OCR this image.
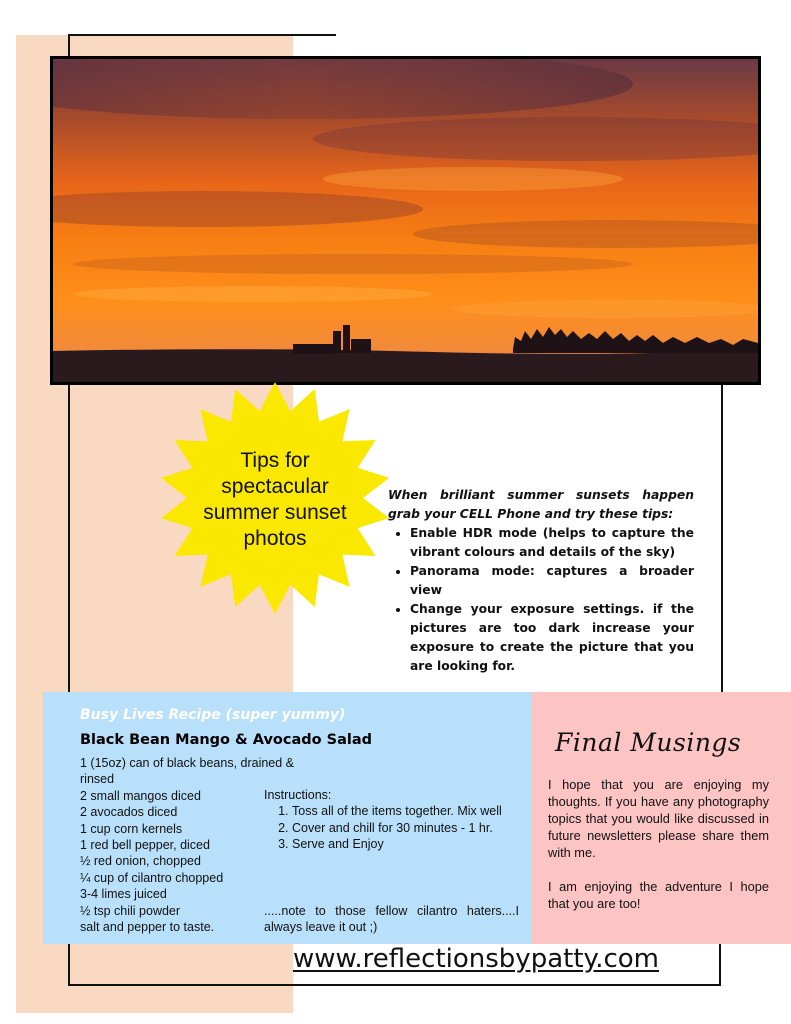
Tips for
spectacular
summer sunset
photos

When brilliant summer sunsets happen grab your CELL Phone and try these tips:

• Enable HDR mode (helps to capture the vibrant colours and details of the sky)
• Panorama mode: captures a broader view
• Change your exposure settings. if the pictures are too dark increase your exposure to create the picture that you are looking for.
Busy Lives Recipe (super yummy)
Black Bean Mango & Avocado Salad
1 (15oz) can of black beans, drained & rinsed
2 small mangos diced
2 avocados diced
1 cup corn kernels
1 red bell pepper, diced
½ red onion, chopped
¼ cup of cilantro chopped
3-4 limes juiced
½ tsp chili powder
salt and pepper to taste.
Instructions:
1. Toss all of the items together. Mix well
2. Cover and chill for 30 minutes - 1 hr.
3. Serve and Enjoy
.....note to those fellow cilantro haters....I always leave it out ;)
Final Musings

I hope that you are enjoying my thoughts. If you have any photography topics that you would like discussed in future newsletters please share them with me.

I am enjoying the adventure I hope that you are too!

www.reflectionsbypatty.com
